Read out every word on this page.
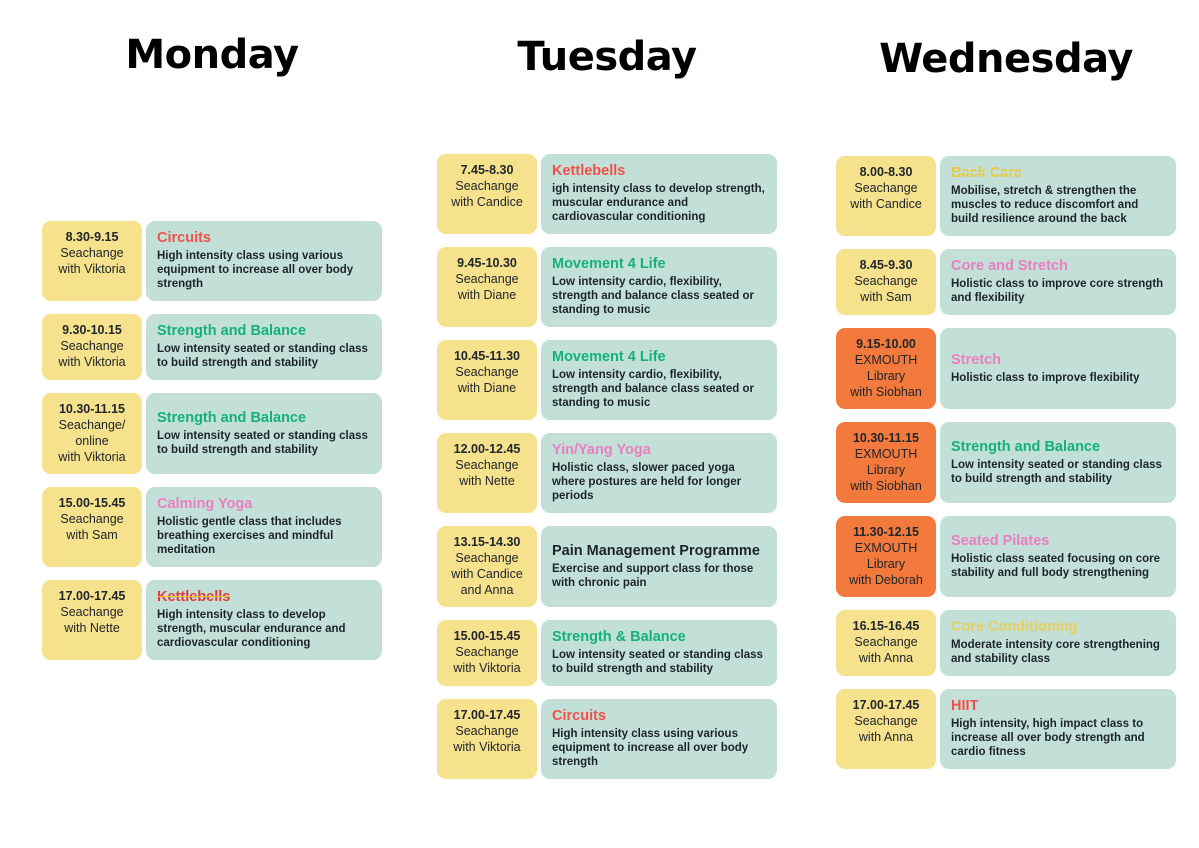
Monday
8.30-9.15
Seachange
with Viktoria
Circuits
High intensity class using various equipment to increase all over body strength
9.30-10.15
Seachange
with Viktoria
Strength and Balance
Low intensity seated or standing class to build strength and stability
10.30-11.15
Seachange/ online
with Viktoria
Strength and Balance
Low intensity seated or standing class to build strength and stability
15.00-15.45
Seachange
with Sam
Calming Yoga
Holistic gentle class that includes breathing exercises and mindful meditation
17.00-17.45
Seachange
with Nette
Kettlebells
High intensity class to develop strength, muscular endurance and cardiovascular conditioning
Tuesday
7.45-8.30
Seachange
with Candice
Kettlebells
igh intensity class to develop strength, muscular endurance and cardiovascular conditioning
9.45-10.30
Seachange
with Diane
Movement 4 Life
Low intensity cardio, flexibility, strength and balance class seated or standing to music
10.45-11.30
Seachange
with Diane
Movement 4 Life
Low intensity cardio, flexibility, strength and balance class seated or standing to music
12.00-12.45
Seachange
with Nette
Yin/Yang Yoga
Holistic class, slower paced yoga where postures are held for longer periods
13.15-14.30
Seachange
with Candice and Anna
Pain Management Programme
Exercise and support class for those with chronic pain
15.00-15.45
Seachange
with Viktoria
Strength & Balance
Low intensity seated or standing class to build strength and stability
17.00-17.45
Seachange
with Viktoria
Circuits
High intensity class using various equipment to increase all over body strength
Wednesday
8.00-8.30
Seachange
with Candice
Back Care
Mobilise, stretch & strengthen the muscles to reduce discomfort and build resilience around the back
8.45-9.30
Seachange
with Sam
Core and Stretch
Holistic class to improve core strength and flexibility
9.15-10.00
EXMOUTH Library
with Siobhan
Stretch
Holistic class to improve flexibility
10.30-11.15
EXMOUTH Library
with Siobhan
Strength and Balance
Low intensity seated or standing class to build strength and stability
11.30-12.15
EXMOUTH Library
with Deborah
Seated Pilates
Holistic class seated focusing on core stability and full body strengthening
16.15-16.45
Seachange
with Anna
Core Conditioning
Moderate intensity core strengthening and stability class
17.00-17.45
Seachange
with Anna
HIIT
High intensity, high impact class to increase all over body strength and cardio fitness
